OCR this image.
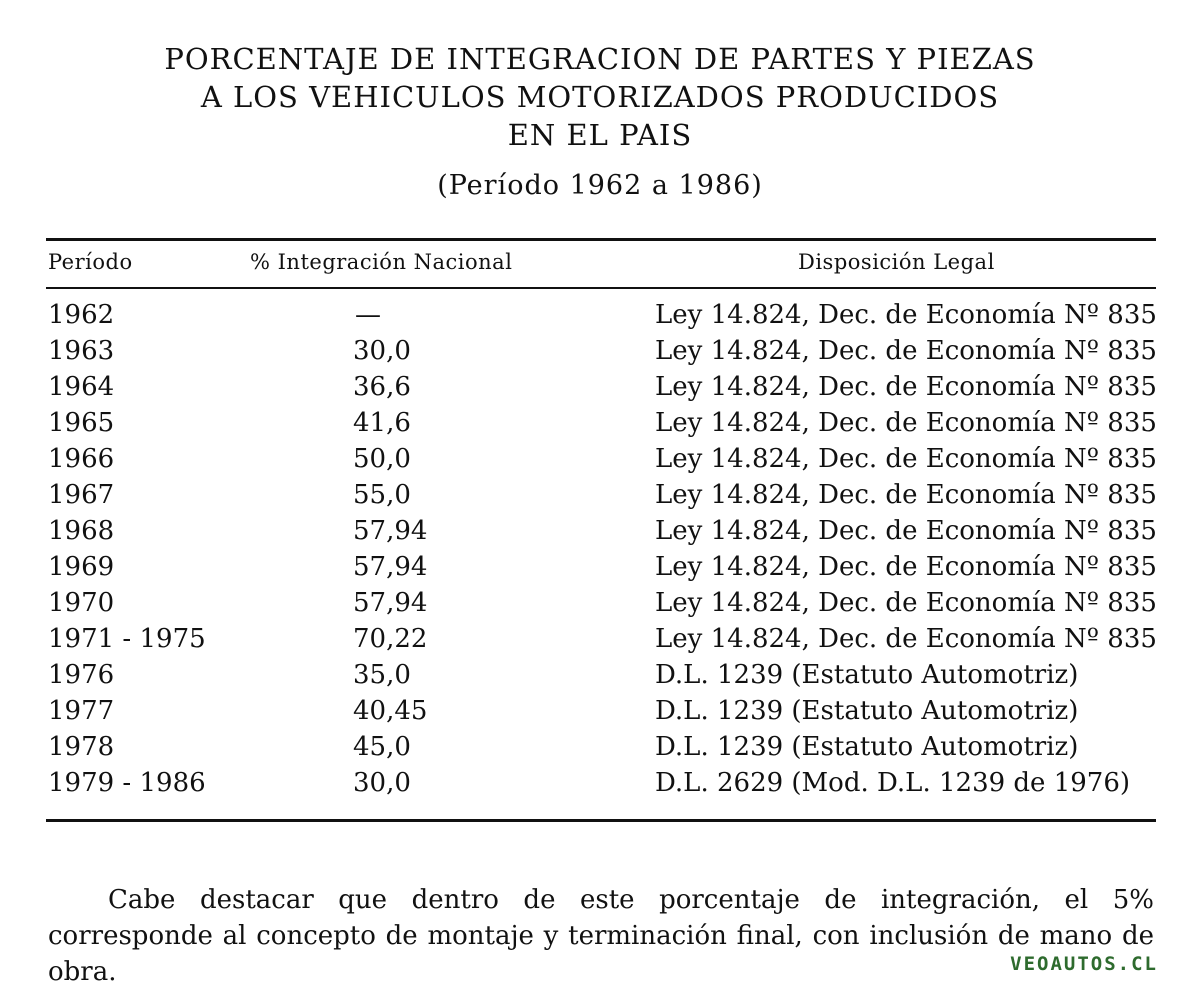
PORCENTAJE DE INTEGRACION DE PARTES Y PIEZAS
A LOS VEHICULOS MOTORIZADOS PRODUCIDOS
EN EL PAIS
(Período 1962 a 1986)
Período	% Integración Nacional	Disposición Legal
1962	—	Ley 14.824, Dec. de Economía Nº 835
1963	30,0	Ley 14.824, Dec. de Economía Nº 835
1964	36,6	Ley 14.824, Dec. de Economía Nº 835
1965	41,6	Ley 14.824, Dec. de Economía Nº 835
1966	50,0	Ley 14.824, Dec. de Economía Nº 835
1967	55,0	Ley 14.824, Dec. de Economía Nº 835
1968	57,94	Ley 14.824, Dec. de Economía Nº 835
1969	57,94	Ley 14.824, Dec. de Economía Nº 835
1970	57,94	Ley 14.824, Dec. de Economía Nº 835
1971 - 1975	70,22	Ley 14.824, Dec. de Economía Nº 835
1976	35,0	D.L. 1239 (Estatuto Automotriz)
1977	40,45	D.L. 1239 (Estatuto Automotriz)
1978	45,0	D.L. 1239 (Estatuto Automotriz)
1979 - 1986	30,0	D.L. 2629 (Mod. D.L. 1239 de 1976)
Cabe destacar que dentro de este porcentaje de integración, el 5% corresponde al concepto de montaje y terminación final, con inclusión de mano de obra.	VEOAUTOS.CL
